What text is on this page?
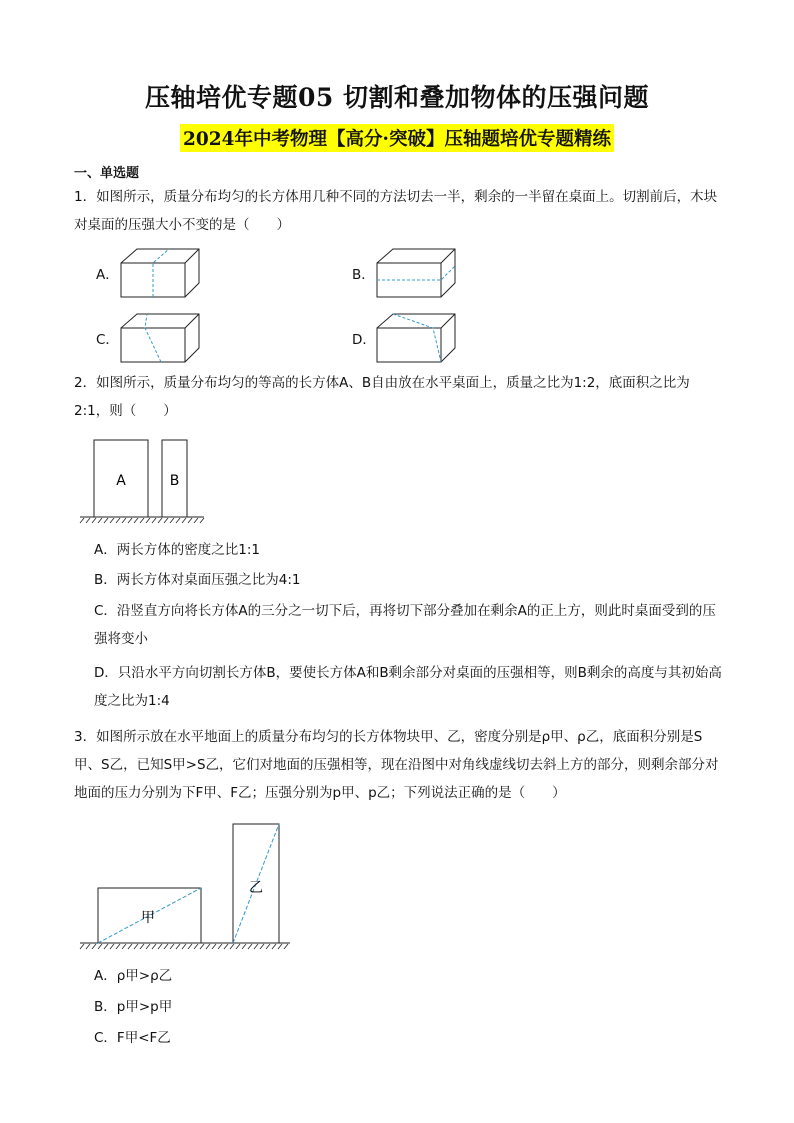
压轴培优专题05 切割和叠加物体的压强问题
2024年中考物理【高分·突破】压轴题培优专题精练
一、单选题
1．如图所示，质量分布均匀的长方体用几种不同的方法切去一半，剩余的一半留在桌面上。切割前后，木块对桌面的压强大小不变的是（　　）
A．	B．
C．	D．
2．如图所示，质量分布均匀的等高的长方体A、B自由放在水平桌面上，质量之比为1:2，底面积之比为2:1，则（　　）
A	B
A．两长方体的密度之比1:1
B．两长方体对桌面压强之比为4:1
C．沿竖直方向将长方体A的三分之一切下后，再将切下部分叠加在剩余A的正上方，则此时桌面受到的压强将变小
D．只沿水平方向切割长方体B，要使长方体A和B剩余部分对桌面的压强相等，则B剩余的高度与其初始高度之比为1:4
3．如图所示放在水平地面上的质量分布均匀的长方体物块甲、乙，密度分别是ρ甲、ρ乙，底面积分别是S甲、S乙，已知S甲>S乙，它们对地面的压强相等，现在沿图中对角线虚线切去斜上方的部分，则剩余部分对地面的压力分别为下F甲、F乙；压强分别为p甲、p乙；下列说法正确的是（　　）
甲
乙
A．ρ甲>ρ乙
B．p甲>p甲
C．F甲<F乙
